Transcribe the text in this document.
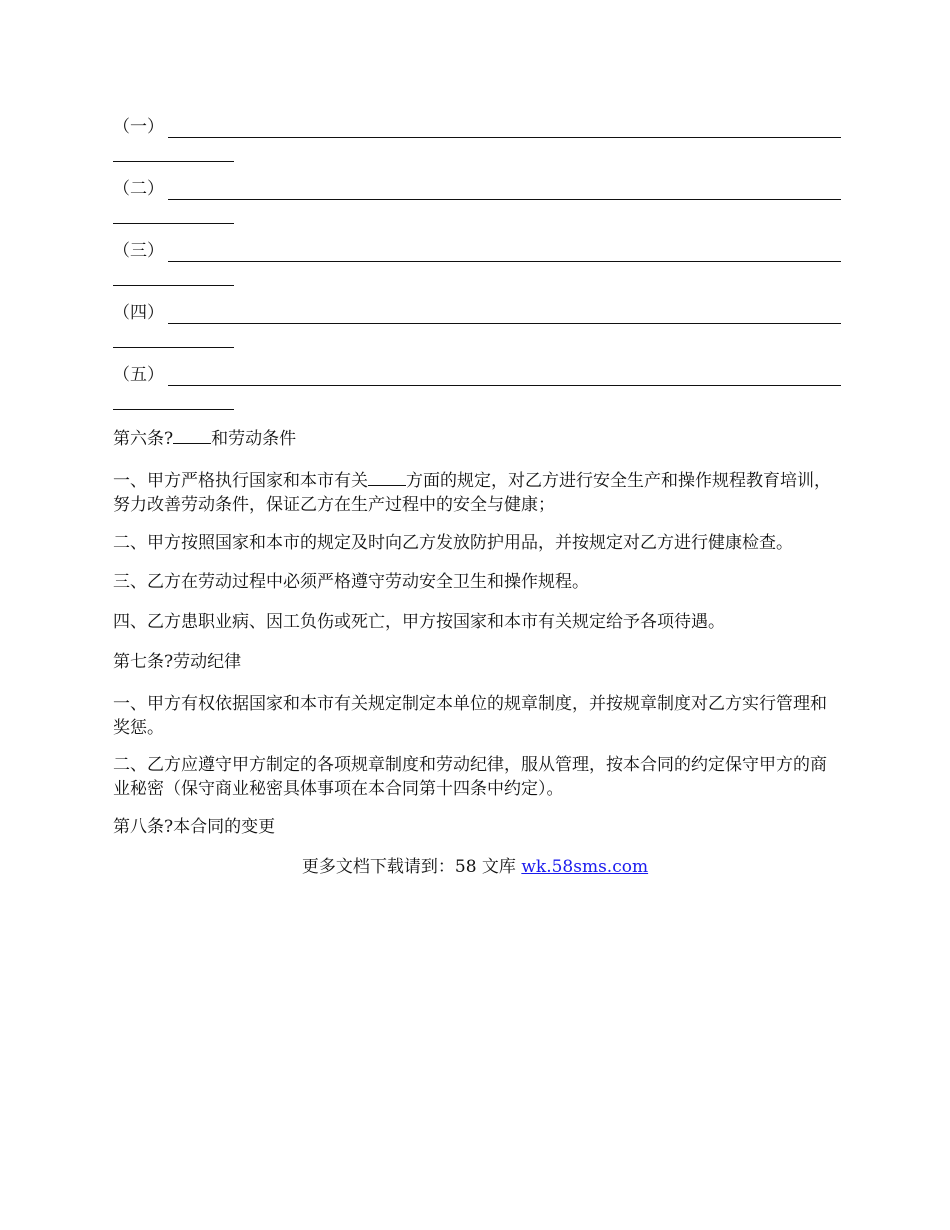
（一）
（二）
（三）
（四）
（五）

第六条? 和劳动条件

一、甲方严格执行国家和本市有关 方面的规定，对乙方进行安全生产和操作规程教育培训，努力改善劳动条件，保证乙方在生产过程中的安全与健康；

二、甲方按照国家和本市的规定及时向乙方发放防护用品，并按规定对乙方进行健康检查。

三、乙方在劳动过程中必须严格遵守劳动安全卫生和操作规程。

四、乙方患职业病、因工负伤或死亡，甲方按国家和本市有关规定给予各项待遇。

第七条?劳动纪律

一、甲方有权依据国家和本市有关规定制定本单位的规章制度，并按规章制度对乙方实行管理和奖惩。

二、乙方应遵守甲方制定的各项规章制度和劳动纪律，服从管理，按本合同的约定保守甲方的商业秘密（保守商业秘密具体事项在本合同第十四条中约定）。

第八条?本合同的变更

更多文档下载请到：58 文库 wk.58sms.com
